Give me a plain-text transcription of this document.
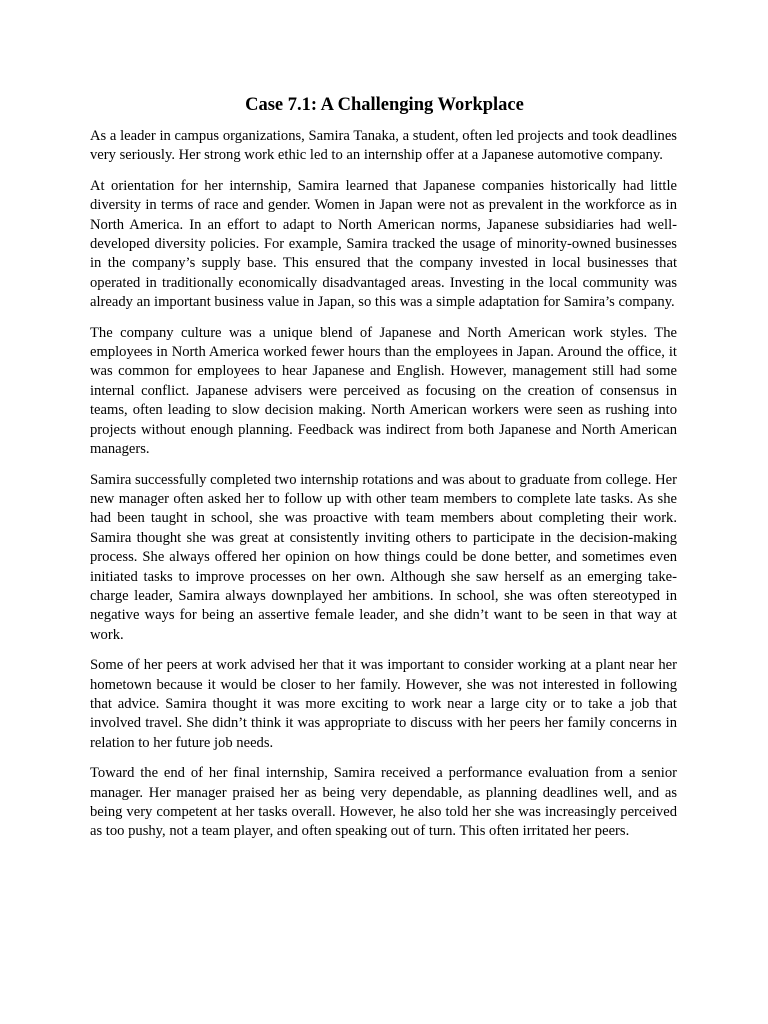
Case 7.1: A Challenging Workplace

As a leader in campus organizations, Samira Tanaka, a student, often led projects and took deadlines very seriously. Her strong work ethic led to an internship offer at a Japanese automotive company.

At orientation for her internship, Samira learned that Japanese companies historically had little diversity in terms of race and gender. Women in Japan were not as prevalent in the workforce as in North America. In an effort to adapt to North American norms, Japanese subsidiaries had well-developed diversity policies. For example, Samira tracked the usage of minority-owned businesses in the company’s supply base. This ensured that the company invested in local businesses that operated in traditionally economically disadvantaged areas. Investing in the local community was already an important business value in Japan, so this was a simple adaptation for Samira’s company.

The company culture was a unique blend of Japanese and North American work styles. The employees in North America worked fewer hours than the employees in Japan. Around the office, it was common for employees to hear Japanese and English. However, management still had some internal conflict. Japanese advisers were perceived as focusing on the creation of consensus in teams, often leading to slow decision making. North American workers were seen as rushing into projects without enough planning. Feedback was indirect from both Japanese and North American managers.

Samira successfully completed two internship rotations and was about to graduate from college. Her new manager often asked her to follow up with other team members to complete late tasks. As she had been taught in school, she was proactive with team members about completing their work. Samira thought she was great at consistently inviting others to participate in the decision-making process. She always offered her opinion on how things could be done better, and sometimes even initiated tasks to improve processes on her own. Although she saw herself as an emerging take-charge leader, Samira always downplayed her ambitions. In school, she was often stereotyped in negative ways for being an assertive female leader, and she didn’t want to be seen in that way at work.

Some of her peers at work advised her that it was important to consider working at a plant near her hometown because it would be closer to her family. However, she was not interested in following that advice. Samira thought it was more exciting to work near a large city or to take a job that involved travel. She didn’t think it was appropriate to discuss with her peers her family concerns in relation to her future job needs.

Toward the end of her final internship, Samira received a performance evaluation from a senior manager. Her manager praised her as being very dependable, as planning deadlines well, and as being very competent at her tasks overall. However, he also told her she was increasingly perceived as too pushy, not a team player, and often speaking out of turn. This often irritated her peers.
